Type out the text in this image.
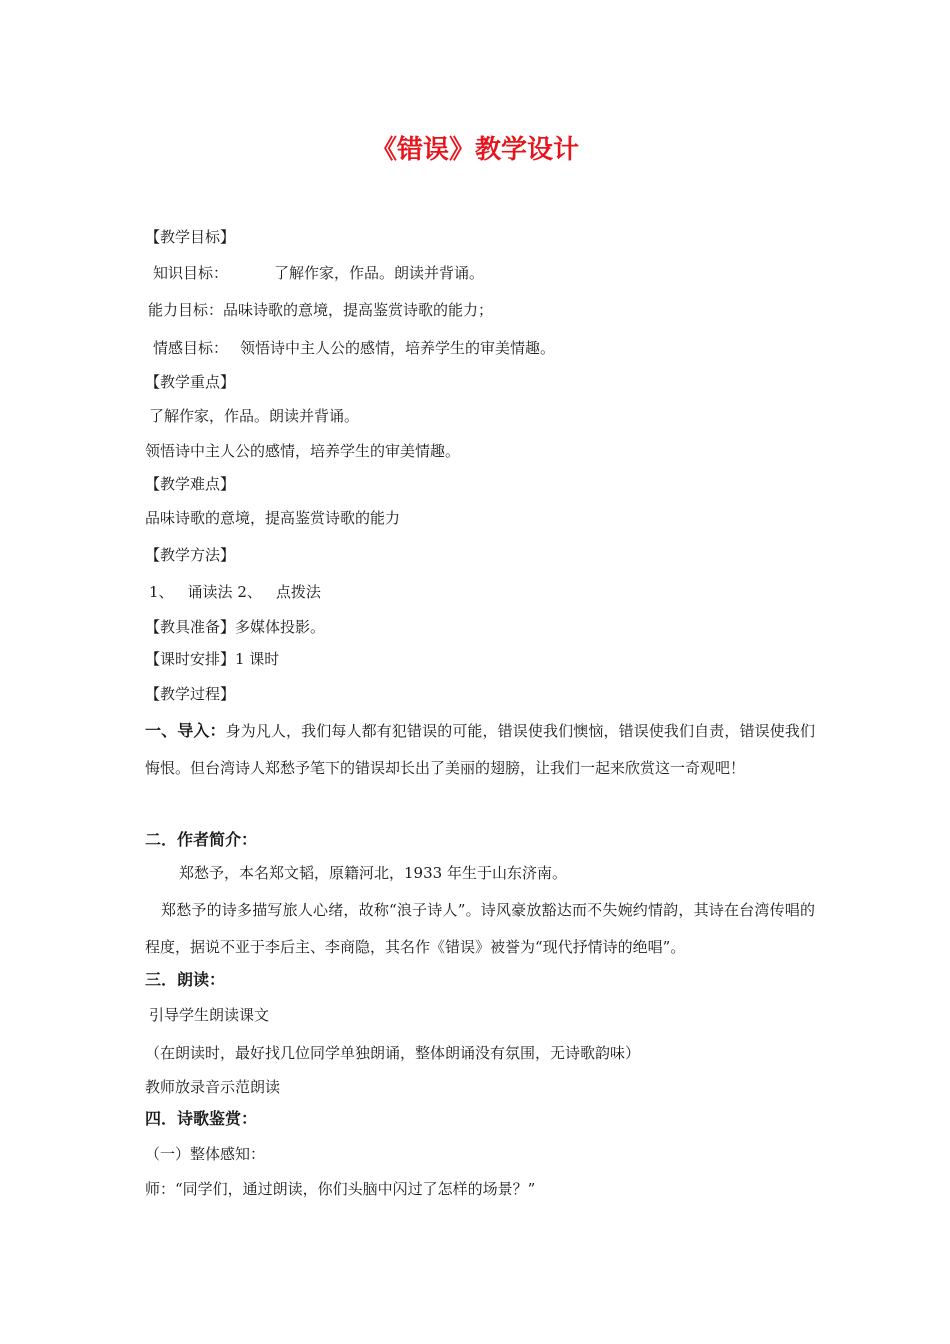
《错误》教学设计

【教学目标】

知识目标：	了解作家，作品。朗读并背诵。

能力目标：品味诗歌的意境，提高鉴赏诗歌的能力；

情感目标： 领悟诗中主人公的感情，培养学生的审美情趣。

【教学重点】

了解作家，作品。朗读并背诵。

领悟诗中主人公的感情，培养学生的审美情趣。

【教学难点】

品味诗歌的意境，提高鉴赏诗歌的能力

【教学方法】

1、 诵读法 2、 点拨法

【教具准备】多媒体投影。

【课时安排】1 课时

【教学过程】

一、导入：身为凡人，我们每人都有犯错误的可能，错误使我们懊恼，错误使我们自责，错误使我们悔恨。但台湾诗人郑愁予笔下的错误却长出了美丽的翅膀，让我们一起来欣赏这一奇观吧！

二．作者简介：

郑愁予，本名郑文韬，原籍河北，1933 年生于山东济南。

郑愁予的诗多描写旅人心绪，故称“浪子诗人”。诗风豪放豁达而不失婉约情韵，其诗在台湾传唱的程度，据说不亚于李后主、李商隐，其名作《错误》被誉为“现代抒情诗的绝唱”。

三．朗读：

引导学生朗读课文

（在朗读时，最好找几位同学单独朗诵，整体朗诵没有氛围，无诗歌韵味）

教师放录音示范朗读

四．诗歌鉴赏：

（一）整体感知：

师：“同学们，通过朗读，你们头脑中闪过了怎样的场景？”
